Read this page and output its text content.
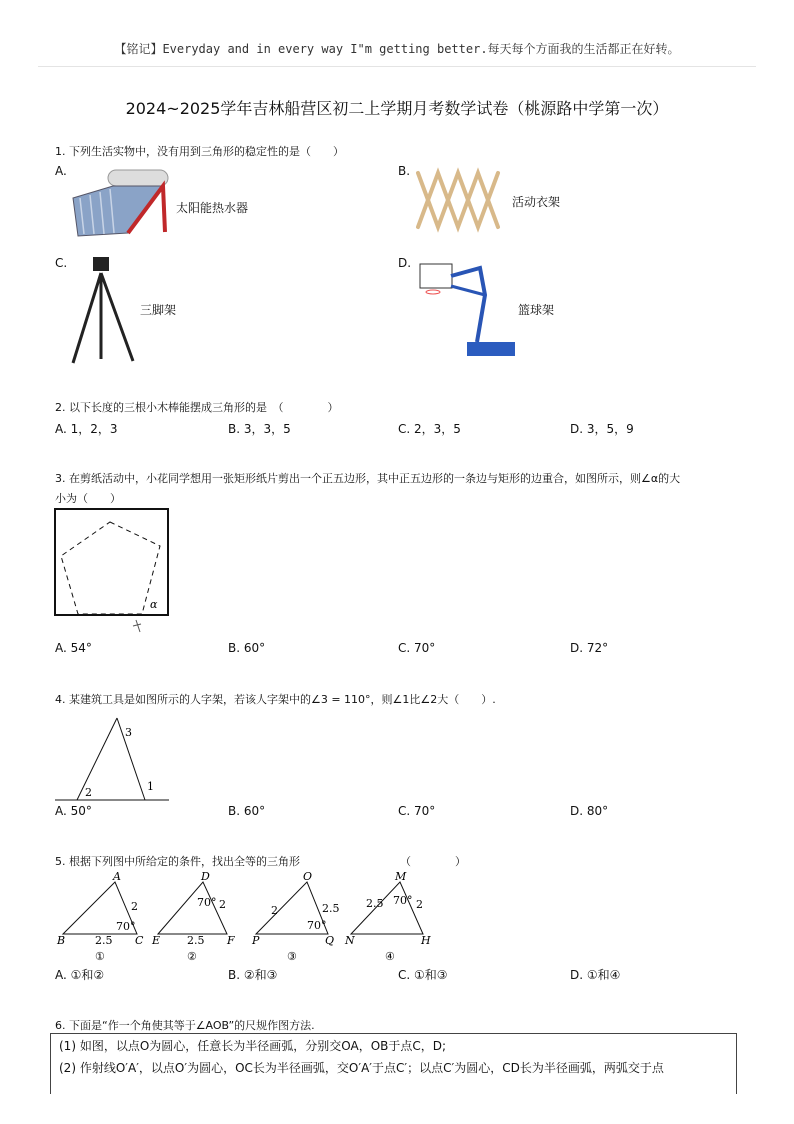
【铭记】Everyday and in every way I"m getting better.每天每个方面我的生活都正在好转。
2024~2025学年吉林船营区初二上学期月考数学试卷（桃源路中学第一次）
1. 下列生活实物中，没有用到三角形的稳定性的是（　　）
A.
太阳能热水器
B.
活动衣架
C.
三脚架
D.
篮球架
2. 以下长度的三根小木棒能摆成三角形的是　（　　　　）
A. 1，2，3	B. 3，3，5	C. 2，3，5	D. 3，5，9
3. 在剪纸活动中，小花同学想用一张矩形纸片剪出一个正五边形，其中正五边形的一条边与矩形的边重合，如图所示，则∠α的大
小为（　　）
α
A. 54°	B. 60°	C. 70°	D. 72°
4. 某建筑工具是如图所示的人字架，若该人字架中的∠3 = 110°，则∠1比∠2大（　　）.
3
2	1
A. 50°	B. 60°	C. 70°	D. 80°
5. 根据下列图中所给定的条件，找出全等的三角形	（　　　　）
A
B	C
2
70°
2.5
①
D
E	F
70° 2
2.5
②
O
P	Q
2	2.5
70°
③
M
N	H
2.5 70° 2
④
A. ①和②	B. ②和③	C. ①和③	D. ①和④
6. 下面是“作一个角使其等于∠AOB”的尺规作图方法.
(1) 如图，以点O为圆心，任意长为半径画弧，分别交OA，OB于点C，D;
(2) 作射线O′A′，以点O′为圆心，OC长为半径画弧，交O′A′于点C′；以点C′为圆心，CD长为半径画弧，两弧交于点
